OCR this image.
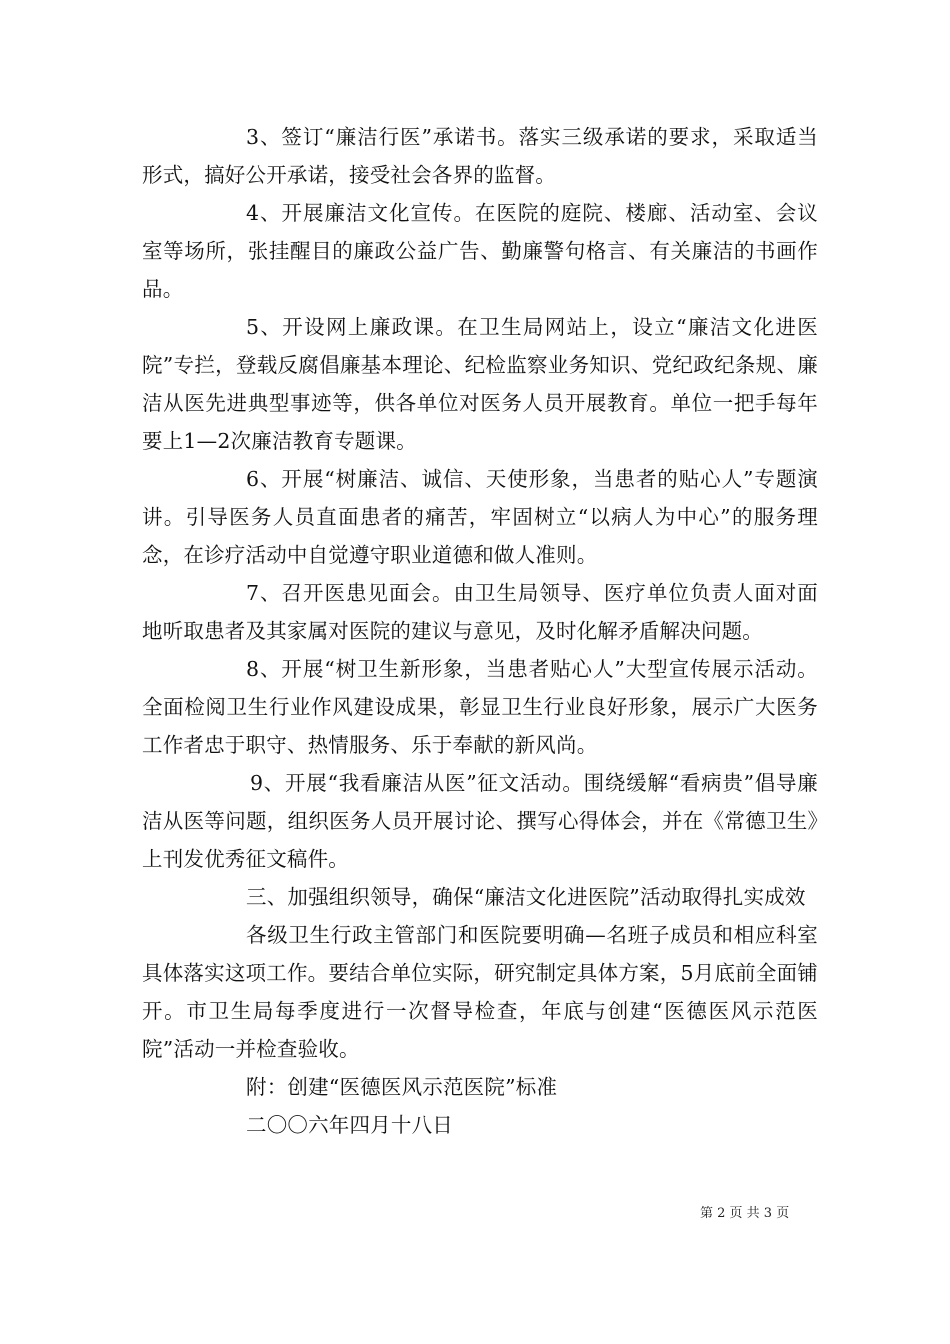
3、签订“廉洁行医”承诺书。落实三级承诺的要求，采取适当形式，搞好公开承诺，接受社会各界的监督。

4、开展廉洁文化宣传。在医院的庭院、楼廊、活动室、会议室等场所，张挂醒目的廉政公益广告、勤廉警句格言、有关廉洁的书画作品。

5、开设网上廉政课。在卫生局网站上，设立“廉洁文化进医院”专拦，登载反腐倡廉基本理论、纪检监察业务知识、党纪政纪条规、廉洁从医先进典型事迹等，供各单位对医务人员开展教育。单位一把手每年要上1—2次廉洁教育专题课。

6、开展“树廉洁、诚信、天使形象，当患者的贴心人”专题演讲。引导医务人员直面患者的痛苦，牢固树立“以病人为中心”的服务理念，在诊疗活动中自觉遵守职业道德和做人准则。

7、召开医患见面会。由卫生局领导、医疗单位负责人面对面地听取患者及其家属对医院的建议与意见，及时化解矛盾解决问题。

8、开展“树卫生新形象，当患者贴心人”大型宣传展示活动。全面检阅卫生行业作风建设成果，彰显卫生行业良好形象，展示广大医务工作者忠于职守、热情服务、乐于奉献的新风尚。

9、开展“我看廉洁从医”征文活动。围绕缓解“看病贵”倡导廉洁从医等问题，组织医务人员开展讨论、撰写心得体会，并在《常德卫生》上刊发优秀征文稿件。

三、加强组织领导，确保“廉洁文化进医院”活动取得扎实成效

各级卫生行政主管部门和医院要明确—名班子成员和相应科室具体落实这项工作。要结合单位实际，研究制定具体方案，5月底前全面铺开。市卫生局每季度进行一次督导检查，年底与创建“医德医风示范医院”活动一并检查验收。

附：创建“医德医风示范医院”标准

二〇〇六年四月十八日

第 2 页 共 3 页
